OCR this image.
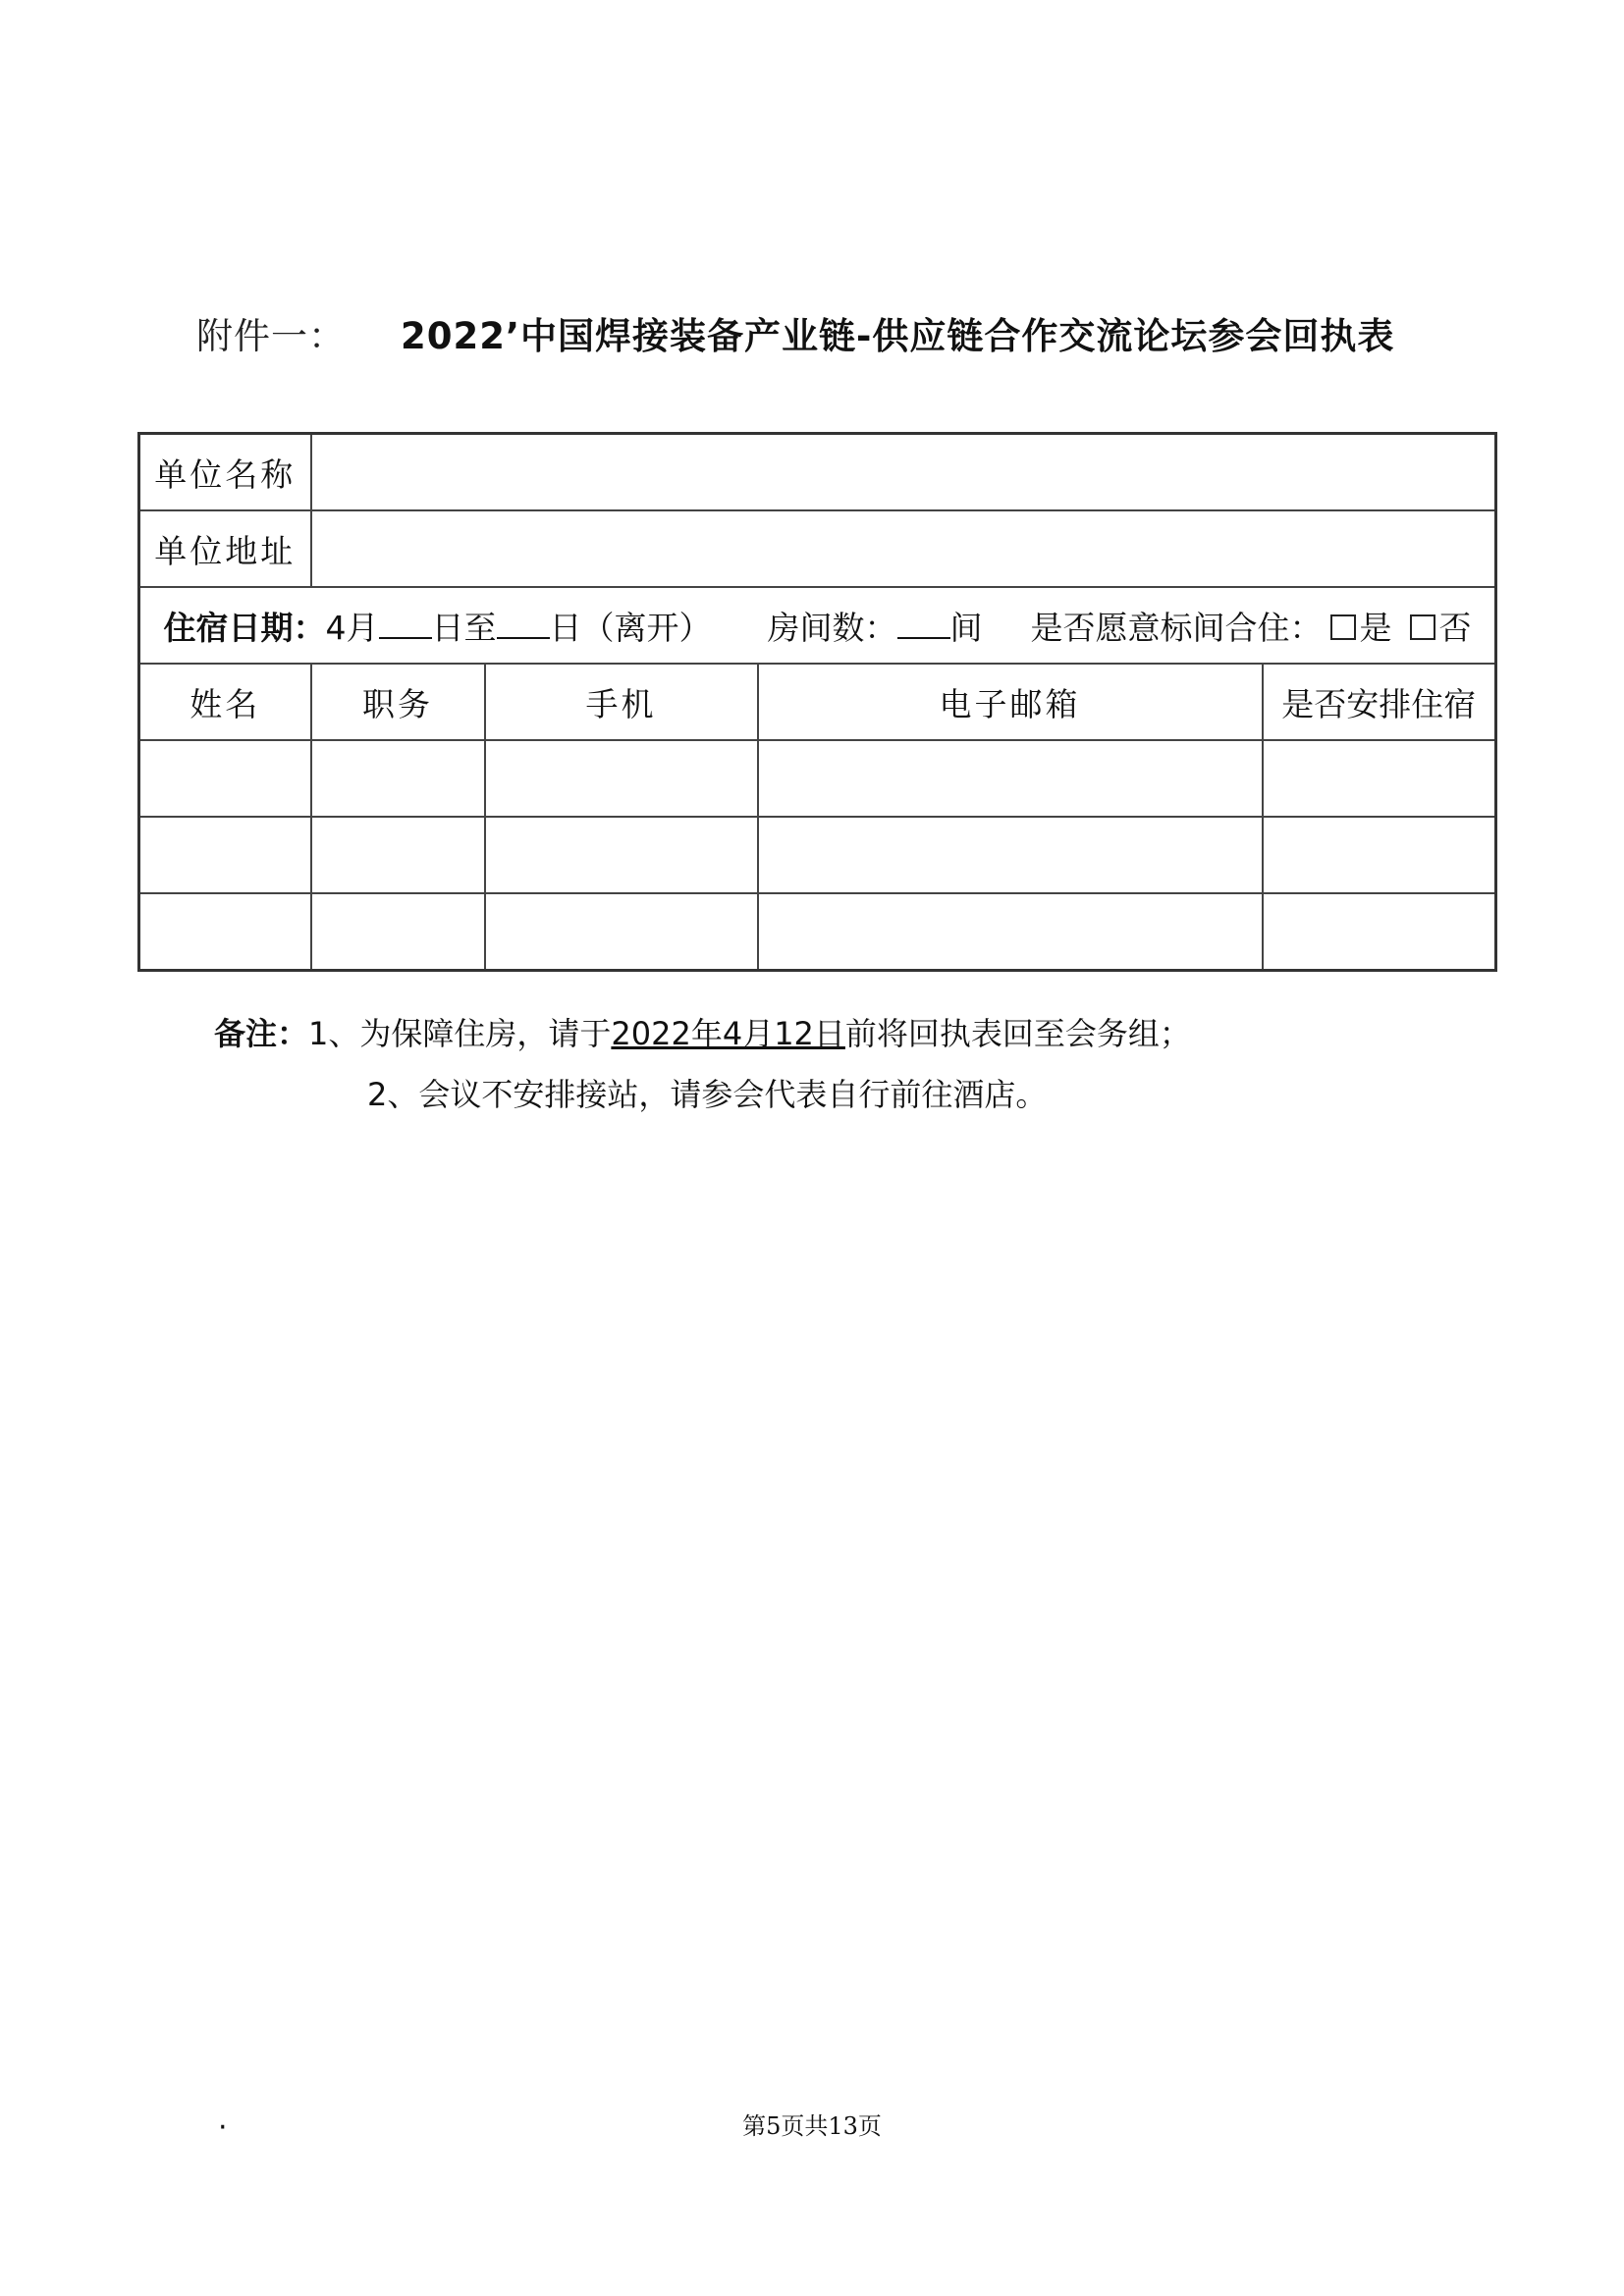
附件一： 2022’中国焊接装备产业链-供应链合作交流论坛参会回执表
单位名称				
单位地址				
住宿日期：4月 日至 日（离开） 房间数： 间 是否愿意标间合住： 是 否				
姓名	职务	手机	电子邮箱	是否安排住宿

备注：1、为保障住房，请于2022年4月12日前将回执表回至会务组；
2、会议不安排接站，请参会代表自行前往酒店。
·	第5页共13页
